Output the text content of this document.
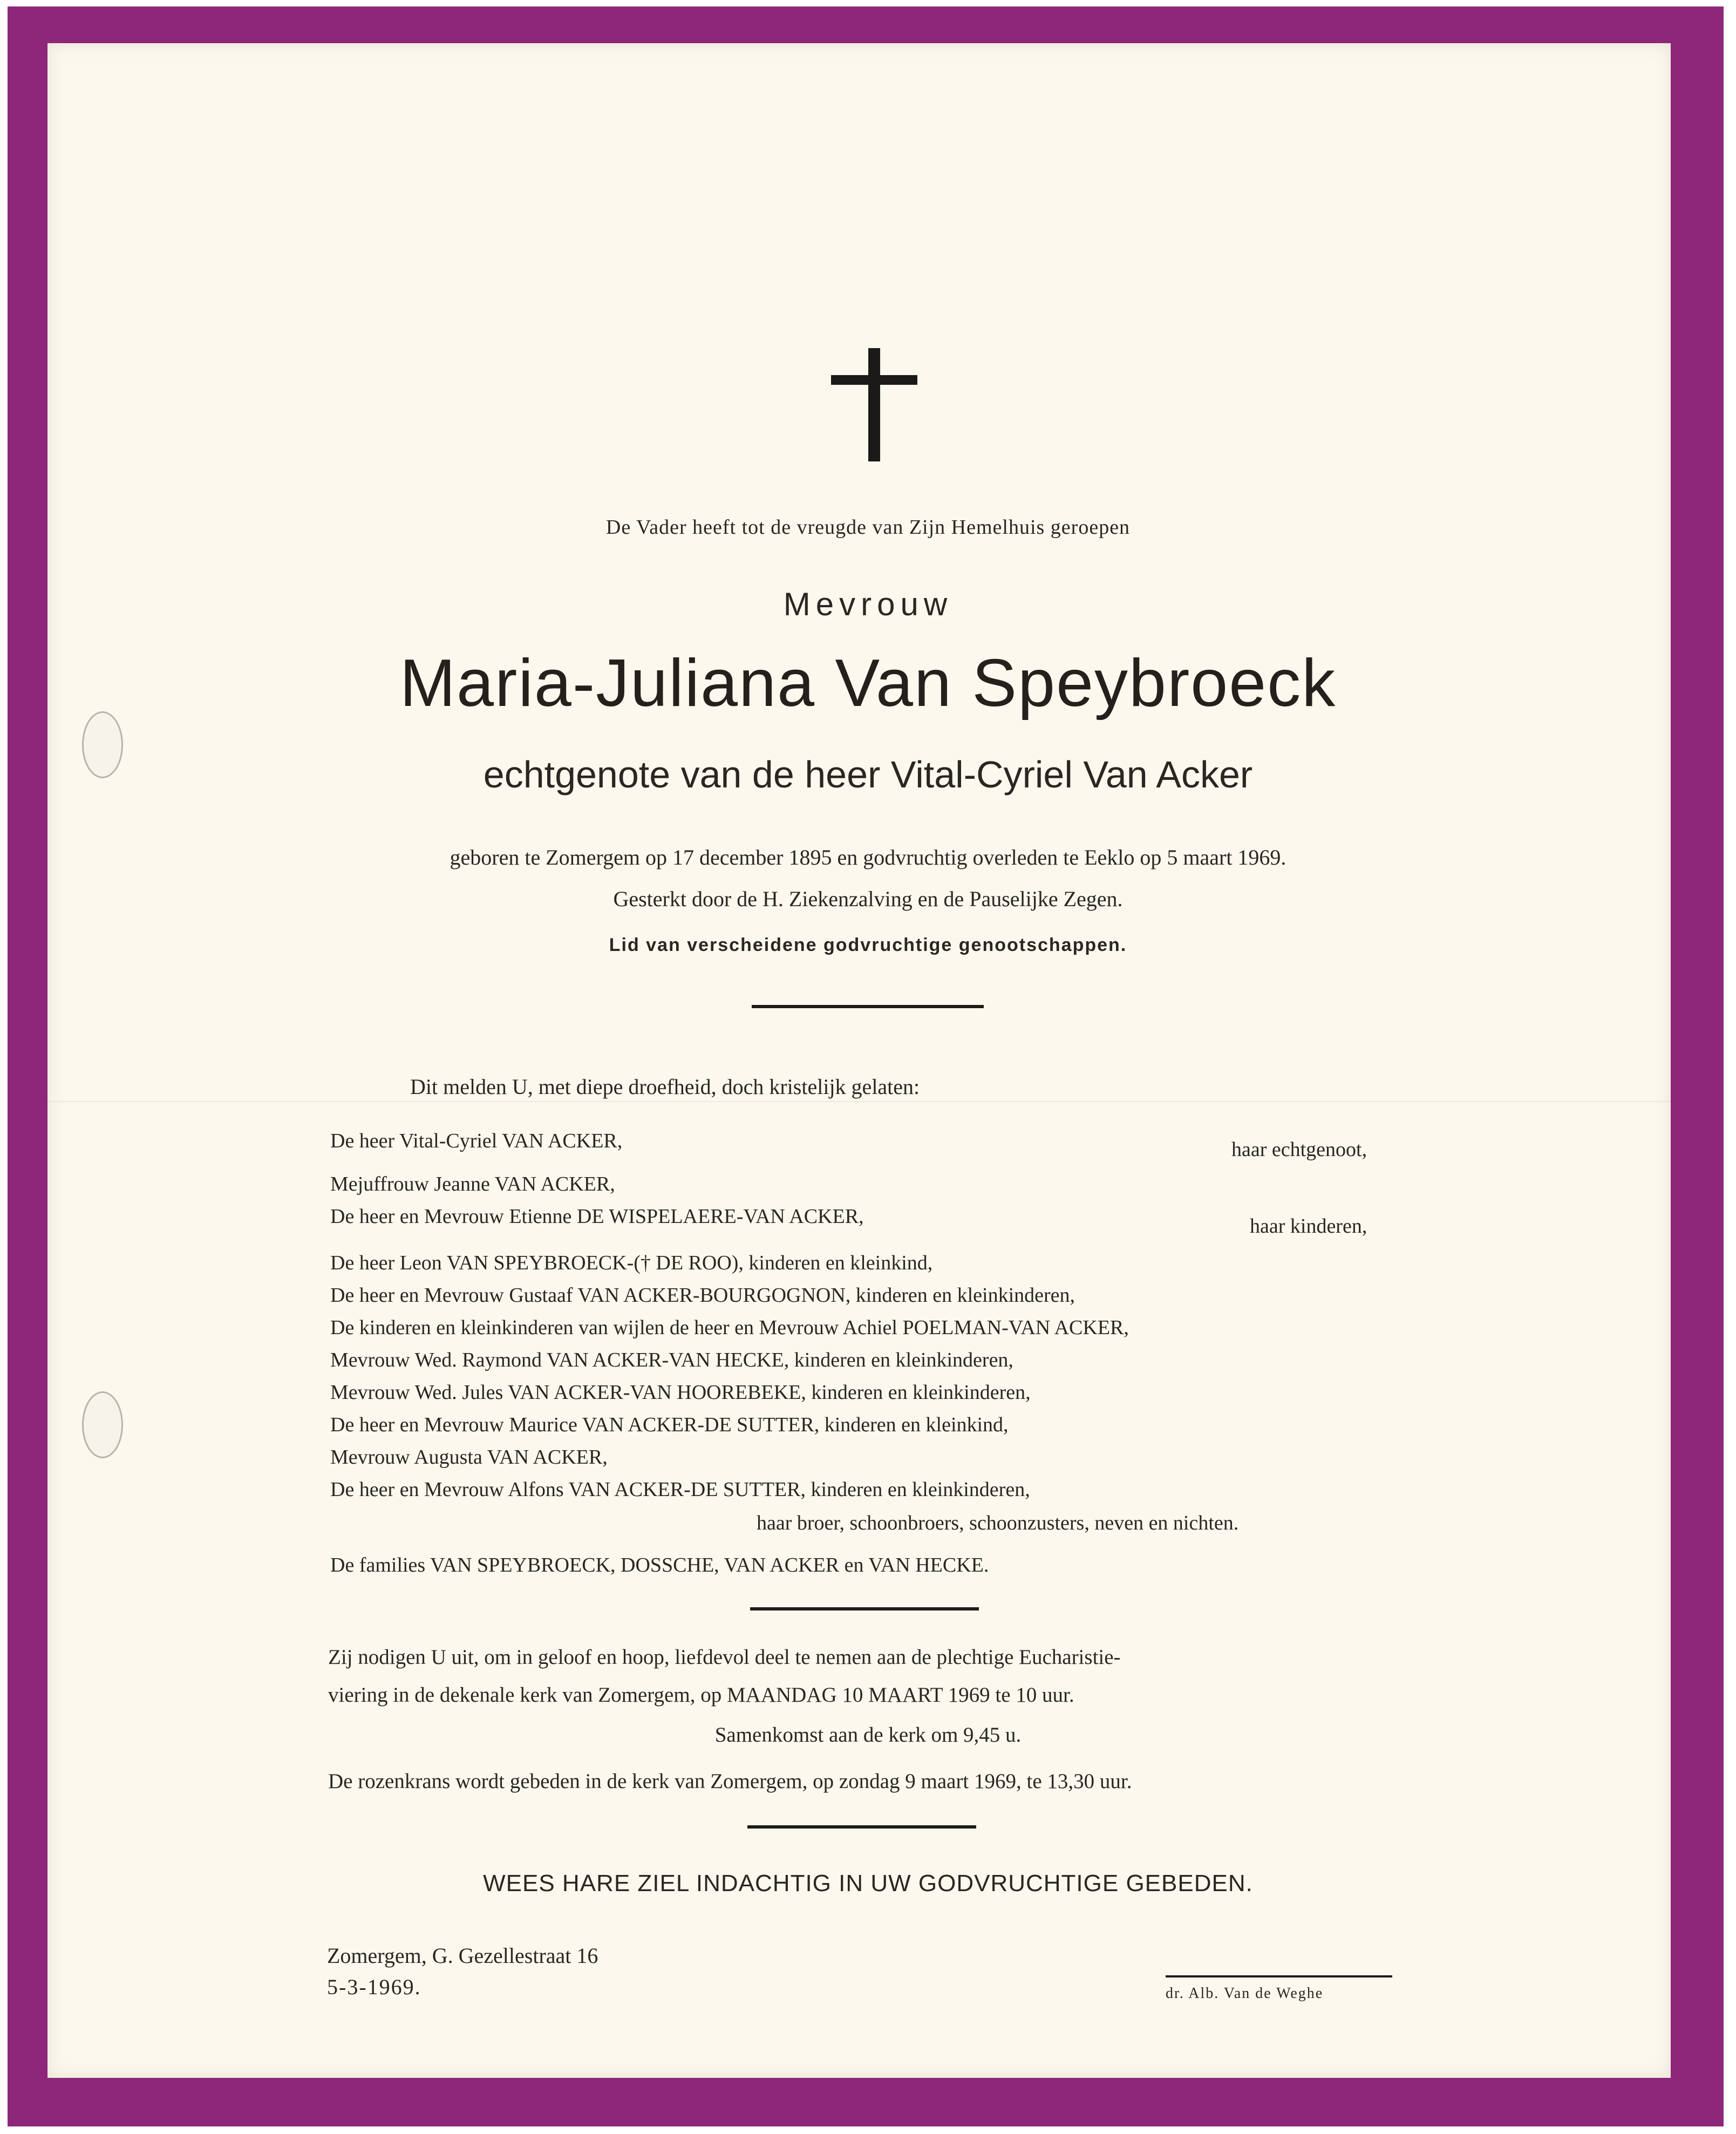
De Vader heeft tot de vreugde van Zijn Hemelhuis geroepen
Mevrouw
Maria-Juliana Van Speybroeck
echtgenote van de heer Vital-Cyriel Van Acker
geboren te Zomergem op 17 december 1895 en godvruchtig overleden te Eeklo op 5 maart 1969.
Gesterkt door de H. Ziekenzalving en de Pauselijke Zegen.
Lid van verscheidene godvruchtige genootschappen.
Dit melden U, met diepe droefheid, doch kristelijk gelaten:
De heer Vital-Cyriel VAN ACKER,	haar echtgenoot,
Mejuffrouw Jeanne VAN ACKER,
De heer en Mevrouw Etienne DE WISPELAERE-VAN ACKER,	haar kinderen,
De heer Leon VAN SPEYBROECK-(† DE ROO), kinderen en kleinkind,
De heer en Mevrouw Gustaaf VAN ACKER-BOURGOGNON, kinderen en kleinkinderen,
De kinderen en kleinkinderen van wijlen de heer en Mevrouw Achiel POELMAN-VAN ACKER,
Mevrouw Wed. Raymond VAN ACKER-VAN HECKE, kinderen en kleinkinderen,
Mevrouw Wed. Jules VAN ACKER-VAN HOOREBEKE, kinderen en kleinkinderen,
De heer en Mevrouw Maurice VAN ACKER-DE SUTTER, kinderen en kleinkind,
Mevrouw Augusta VAN ACKER,
De heer en Mevrouw Alfons VAN ACKER-DE SUTTER, kinderen en kleinkinderen,
haar broer, schoonbroers, schoonzusters, neven en nichten.
De families VAN SPEYBROECK, DOSSCHE, VAN ACKER en VAN HECKE.
Zij nodigen U uit, om in geloof en hoop, liefdevol deel te nemen aan de plechtige Eucharistie-
viering in de dekenale kerk van Zomergem, op MAANDAG 10 MAART 1969 te 10 uur.
Samenkomst aan de kerk om 9,45 u.
De rozenkrans wordt gebeden in de kerk van Zomergem, op zondag 9 maart 1969, te 13,30 uur.
WEES HARE ZIEL INDACHTIG IN UW GODVRUCHTIGE GEBEDEN.
Zomergem, G. Gezellestraat 16
5-3-1969.	dr. Alb. Van de Weghe
